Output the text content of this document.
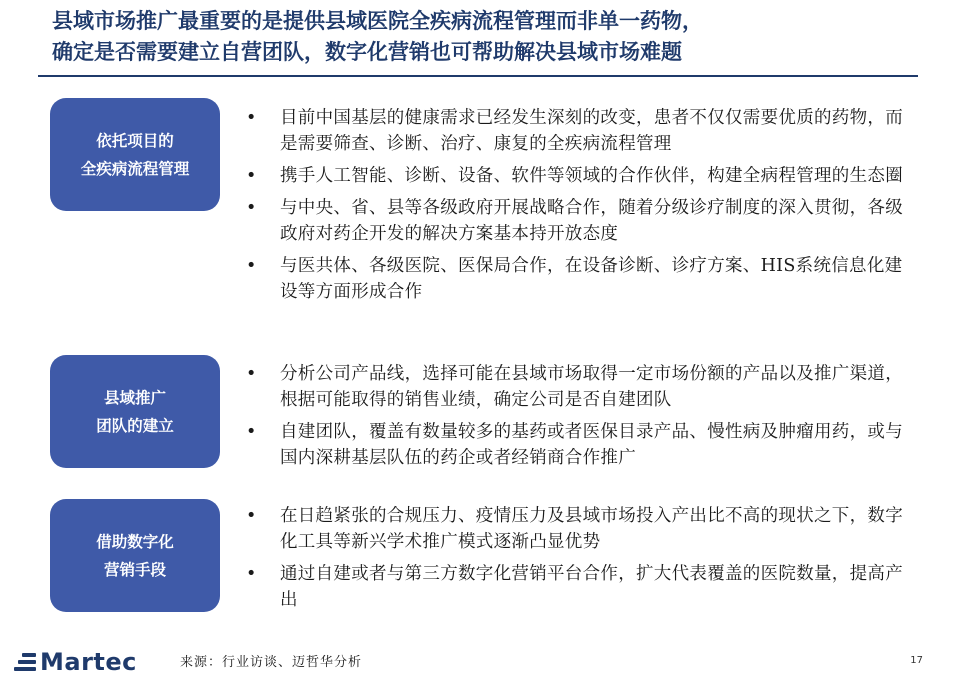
县域市场推广最重要的是提供县域医院全疾病流程管理而非单一药物，
确定是否需要建立自营团队，数字化营销也可帮助解决县域市场难题
依托项目的
全疾病流程管理
• 目前中国基层的健康需求已经发生深刻的改变，患者不仅仅需要优质的药物，而是需要筛查、诊断、治疗、康复的全疾病流程管理
• 携手人工智能、诊断、设备、软件等领域的合作伙伴，构建全病程管理的生态圈
• 与中央、省、县等各级政府开展战略合作，随着分级诊疗制度的深入贯彻，各级政府对药企开发的解决方案基本持开放态度
• 与医共体、各级医院、医保局合作，在设备诊断、诊疗方案、HIS系统信息化建设等方面形成合作
县域推广
团队的建立
• 分析公司产品线，选择可能在县域市场取得一定市场份额的产品以及推广渠道，根据可能取得的销售业绩，确定公司是否自建团队
• 自建团队，覆盖有数量较多的基药或者医保目录产品、慢性病及肿瘤用药，或与国内深耕基层队伍的药企或者经销商合作推广
借助数字化
营销手段
• 在日趋紧张的合规压力、疫情压力及县域市场投入产出比不高的现状之下，数字化工具等新兴学术推广模式逐渐凸显优势
• 通过自建或者与第三方数字化营销平台合作，扩大代表覆盖的医院数量，提高产出
Martec	来源：行业访谈、迈哲华分析	17
